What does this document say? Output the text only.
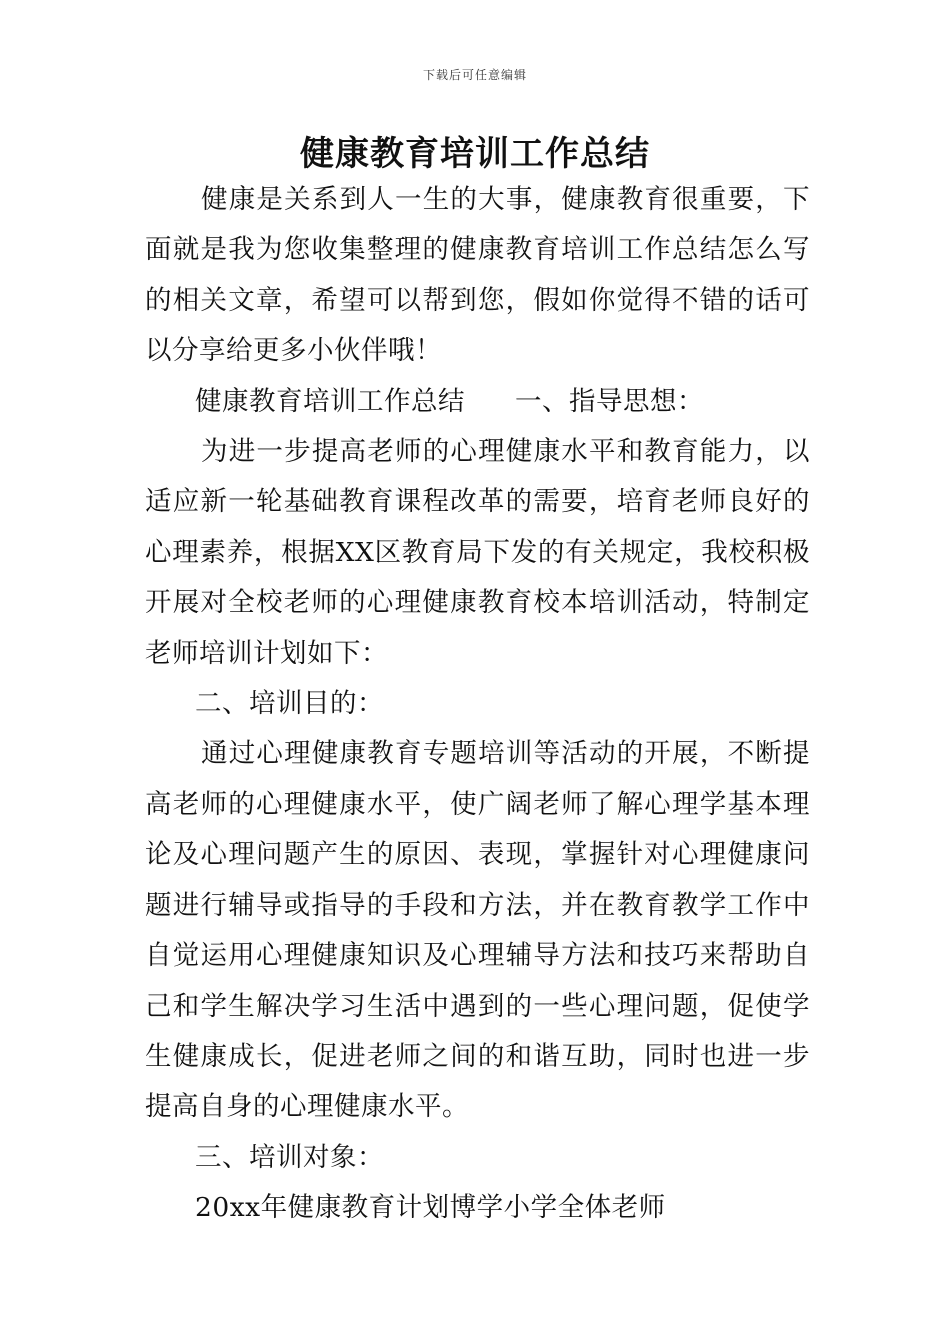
下载后可任意编辑
健康教育培训工作总结

健康是关系到人一生的大事，健康教育很重要，下面就是我为您收集整理的健康教育培训工作总结怎么写的相关文章，希望可以帮到您，假如你觉得不错的话可以分享给更多小伙伴哦！

健康教育培训工作总结 一、指导思想：

为进一步提高老师的心理健康水平和教育能力，以适应新一轮基础教育课程改革的需要，培育老师良好的心理素养，根据XX区教育局下发的有关规定，我校积极开展对全校老师的心理健康教育校本培训活动，特制定老师培训计划如下：

二、培训目的：

通过心理健康教育专题培训等活动的开展，不断提高老师的心理健康水平，使广阔老师了解心理学基本理论及心理问题产生的原因、表现，掌握针对心理健康问题进行辅导或指导的手段和方法，并在教育教学工作中自觉运用心理健康知识及心理辅导方法和技巧来帮助自己和学生解决学习生活中遇到的一些心理问题，促使学生健康成长，促进老师之间的和谐互助，同时也进一步提高自身的心理健康水平。

三、培训对象：

20xx年健康教育计划博学小学全体老师
